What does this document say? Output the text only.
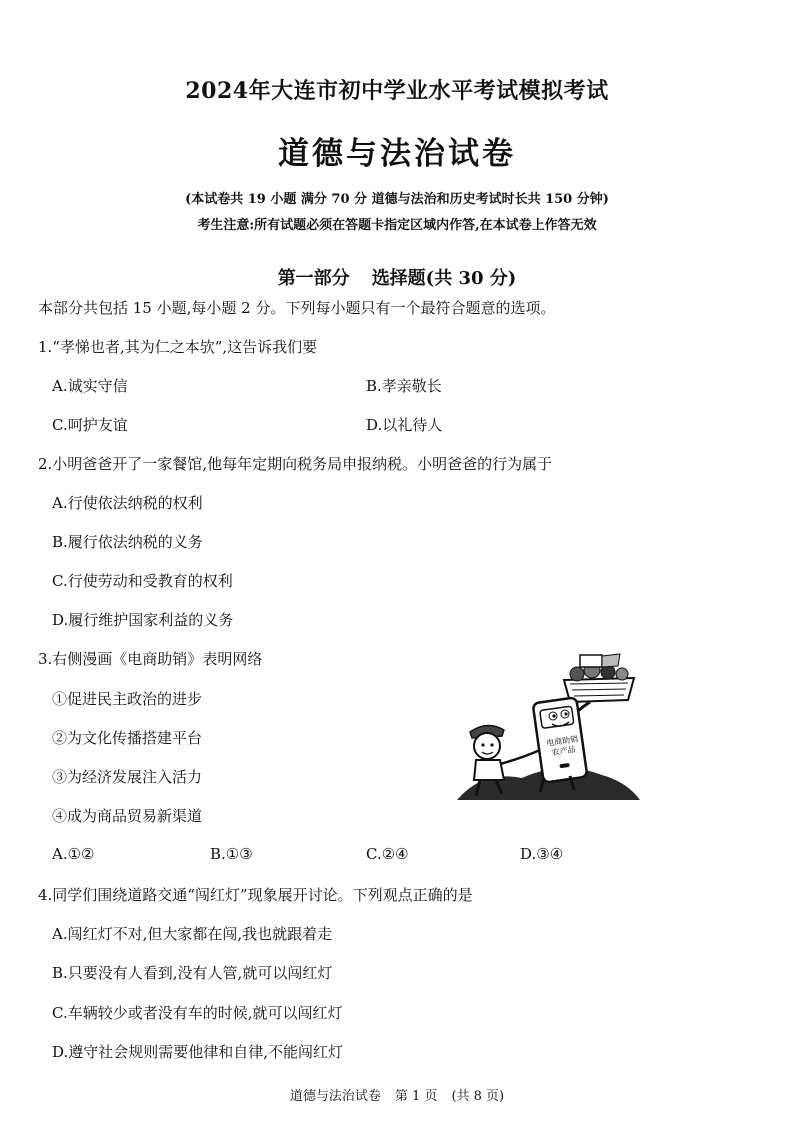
2024年大连市初中学业水平考试模拟考试
道德与法治试卷
(本试卷共 19 小题 满分 70 分 道德与法治和历史考试时长共 150 分钟)
考生注意:所有试题必须在答题卡指定区域内作答,在本试卷上作答无效
第一部分 选择题(共 30 分)
本部分共包括 15 小题,每小题 2 分。下列每小题只有一个最符合题意的选项。
1.“孝悌也者,其为仁之本欤”,这告诉我们要
A.诚实守信	B.孝亲敬长
C.呵护友谊	D.以礼待人
2.小明爸爸开了一家餐馆,他每年定期向税务局申报纳税。小明爸爸的行为属于
A.行使依法纳税的权利
B.履行依法纳税的义务
C.行使劳动和受教育的权利
D.履行维护国家利益的义务
3.右侧漫画《电商助销》表明网络
①促进民主政治的进步
②为文化传播搭建平台
③为经济发展注入活力
④成为商品贸易新渠道
A.①②	B.①③	C.②④	D.③④
电商助销
农产品
4.同学们围绕道路交通“闯红灯”现象展开讨论。下列观点正确的是
A.闯红灯不对,但大家都在闯,我也就跟着走
B.只要没有人看到,没有人管,就可以闯红灯
C.车辆较少或者没有车的时候,就可以闯红灯
D.遵守社会规则需要他律和自律,不能闯红灯
道德与法治试卷 第 1 页 (共 8 页)
